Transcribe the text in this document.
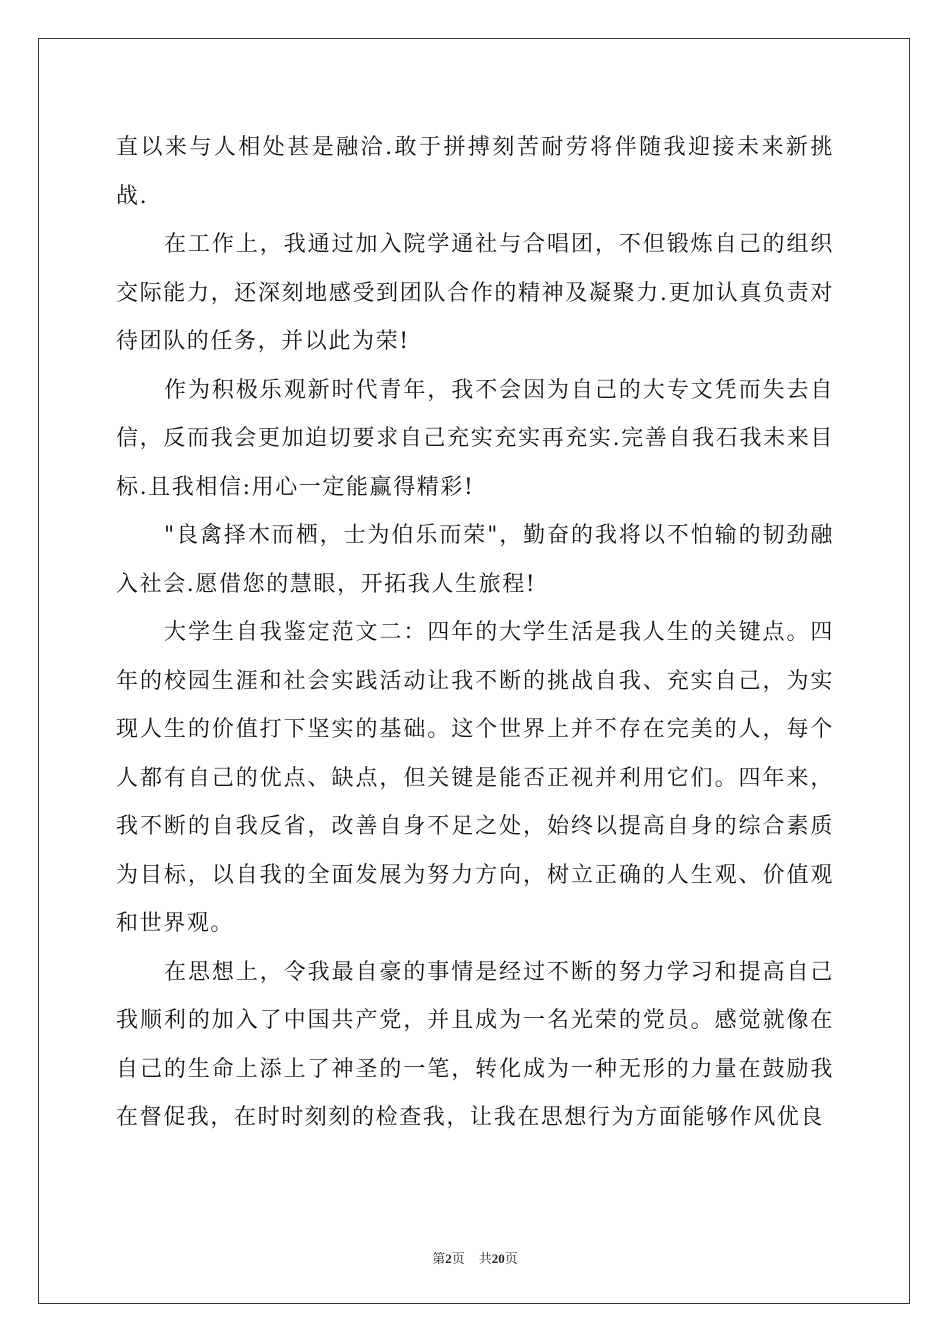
直以来与人相处甚是融洽.敢于拼搏刻苦耐劳将伴随我迎接未来新挑战.

在工作上，我通过加入院学通社与合唱团，不但锻炼自己的组织交际能力，还深刻地感受到团队合作的精神及凝聚力.更加认真负责对待团队的任务，并以此为荣!

作为积极乐观新时代青年，我不会因为自己的大专文凭而失去自信，反而我会更加迫切要求自己充实充实再充实.完善自我石我未来目标.且我相信:用心一定能赢得精彩!

"良禽择木而栖，士为伯乐而荣"，勤奋的我将以不怕输的韧劲融入社会.愿借您的慧眼，开拓我人生旅程!

大学生自我鉴定范文二：四年的大学生活是我人生的关键点。四年的校园生涯和社会实践活动让我不断的挑战自我、充实自己，为实现人生的价值打下坚实的基础。这个世界上并不存在完美的人，每个人都有自己的优点、缺点，但关键是能否正视并利用它们。四年来，我不断的自我反省，改善自身不足之处，始终以提高自身的综合素质为目标，以自我的全面发展为努力方向，树立正确的人生观、价值观和世界观。

在思想上，令我最自豪的事情是经过不断的努力学习和提高自己我顺利的加入了中国共产党，并且成为一名光荣的党员。感觉就像在自己的生命上添上了神圣的一笔，转化成为一种无形的力量在鼓励我在督促我，在时时刻刻的检查我，让我在思想行为方面能够作风优良

第2页 共20页
